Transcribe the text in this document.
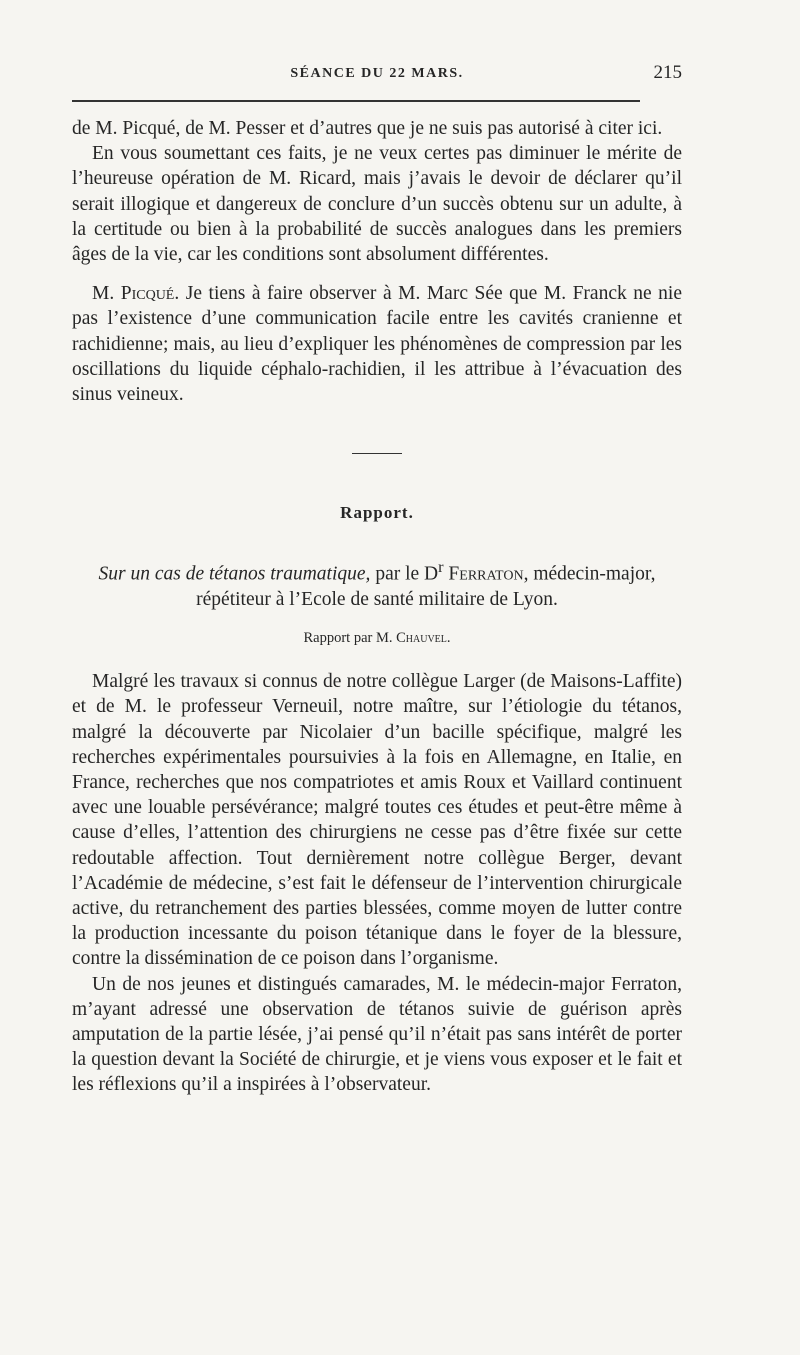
SÉANCE DU 22 MARS.	215

de M. Picqué, de M. Pesser et d’autres que je ne suis pas autorisé à citer ici.

En vous soumettant ces faits, je ne veux certes pas diminuer le mérite de l’heureuse opération de M. Ricard, mais j’avais le devoir de déclarer qu’il serait illogique et dangereux de conclure d’un succès obtenu sur un adulte, à la certitude ou bien à la probabilité de succès analogues dans les premiers âges de la vie, car les conditions sont absolument différentes.

M. Picqué. Je tiens à faire observer à M. Marc Sée que M. Franck ne nie pas l’existence d’une communication facile entre les cavités cranienne et rachidienne; mais, au lieu d’expliquer les phénomènes de compression par les oscillations du liquide céphalo-rachidien, il les attribue à l’évacuation des sinus veineux.

Rapport.
Sur un cas de tétanos traumatique, par le $D^r$ Ferraton, médecin-major, répétiteur à l’Ecole de santé militaire de Lyon.
Rapport par M. Chauvel.

Malgré les travaux si connus de notre collègue Larger (de Maisons-Laffite) et de M. le professeur Verneuil, notre maître, sur l’étiologie du tétanos, malgré la découverte par Nicolaier d’un bacille spécifique, malgré les recherches expérimentales poursuivies à la fois en Allemagne, en Italie, en France, recherches que nos compatriotes et amis Roux et Vaillard continuent avec une louable persévérance; malgré toutes ces études et peut-être même à cause d’elles, l’attention des chirurgiens ne cesse pas d’être fixée sur cette redoutable affection. Tout dernièrement notre collègue Berger, devant l’Académie de médecine, s’est fait le défenseur de l’intervention chirurgicale active, du retranchement des parties blessées, comme moyen de lutter contre la production incessante du poison tétanique dans le foyer de la blessure, contre la dissémination de ce poison dans l’organisme.

Un de nos jeunes et distingués camarades, M. le médecin-major Ferraton, m’ayant adressé une observation de tétanos suivie de guérison après amputation de la partie lésée, j’ai pensé qu’il n’était pas sans intérêt de porter la question devant la Société de chirurgie, et je viens vous exposer et le fait et les réflexions qu’il a inspirées à l’observateur.
